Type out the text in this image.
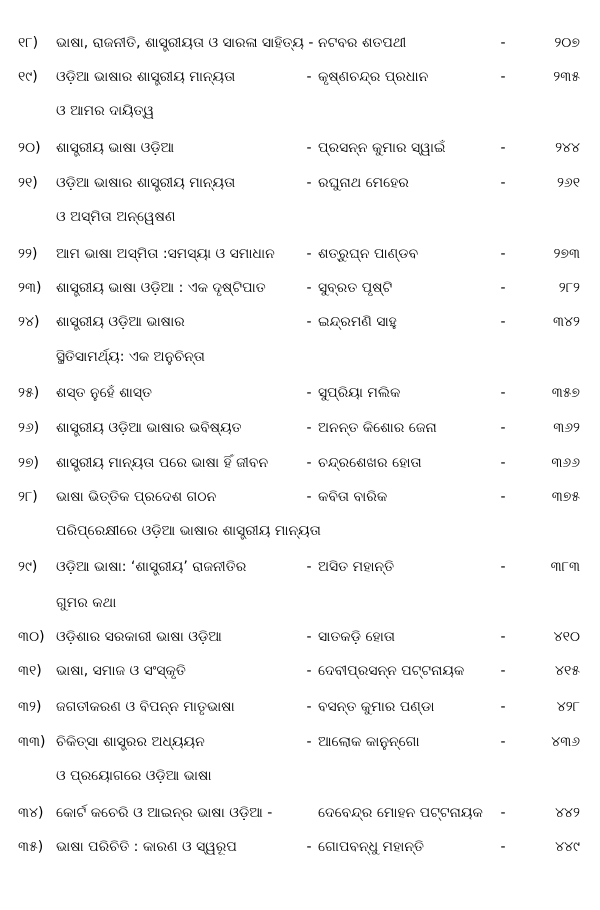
୧୮)	ଭାଷା, ରାଜନୀତି, ଶାସ୍ତ୍ରୀୟତା ଓ ସାରଳା ସାହିତ୍ୟ - ନଟବର ଶତପଥୀ	-	୨୦୭
୧୯)	ଓଡ଼ିଆ ଭାଷାର ଶାସ୍ତ୍ରୀୟ ମାନ୍ୟତା	- କୃଷ୍ଣଚନ୍ଦ୍ର ପ୍ରଧାନ	-	୨୩୫
ଓ ଆମର ଦାୟିତ୍ୱ
୨୦)	ଶାସ୍ତ୍ରୀୟ ଭାଷା ଓଡ଼ିଆ	- ପ୍ରସନ୍ନ କୁମାର ସ୍ୱାଇଁ	-	୨୪୪
୨୧)	ଓଡ଼ିଆ ଭାଷାର ଶାସ୍ତ୍ରୀୟ ମାନ୍ୟତା	- ରଘୁନାଥ ମେହେର	-	୨୬୧
ଓ ଅସ୍ମିତା ଅନ୍ୱେଷଣ
୨୨)	ଆମ ଭାଷା ଅସ୍ମିତା :ସମସ୍ୟା ଓ ସମାଧାନ	- ଶତ୍ରୁଘ୍ନ ପାଣ୍ଡବ	-	୨୭୩
୨୩)	ଶାସ୍ତ୍ରୀୟ ଭାଷା ଓଡ଼ିଆ : ଏକ ଦୃଷ୍ଟିପାତ	- ସୁବ୍ରତ ପୃଷ୍ଟି	-	୨୮୨
୨୪)	ଶାସ୍ତ୍ରୀୟ ଓଡ଼ିଆ ଭାଷାର	- ଇନ୍ଦ୍ରମଣି ସାହୁ	-	୩୪୨
ସ୍ଥିତିସାମର୍ଥ୍ୟ: ଏକ ଅନୁଚିନ୍ତା
୨୫)	ଶସ୍ତ ନୁହେଁ ଶାସ୍ତ	- ସୁପ୍ରିୟା ମଲିକ	-	୩୫୭
୨୬)	ଶାସ୍ତ୍ରୀୟ ଓଡ଼ିଆ ଭାଷାର ଭବିଷ୍ୟତ	- ଅନନ୍ତ କିଶୋର ଜେନା	-	୩୬୨
୨୭)	ଶାସ୍ତ୍ରୀୟ ମାନ୍ୟତା ପରେ ଭାଷା ହିଁ ଜୀବନ	- ଚନ୍ଦ୍ରଶେଖର ହୋତା	-	୩୬୬
୨୮)	ଭାଷା ଭିତ୍ତିକ ପ୍ରଦେଶ ଗଠନ	- କବିତା ବାରିକ	-	୩୭୫
ପରିପ୍ରେକ୍ଷୀରେ ଓଡ଼ିଆ ଭାଷାର ଶାସ୍ତ୍ରୀୟ ମାନ୍ୟତା
୨୯)	ଓଡ଼ିଆ ଭାଷା: ‘ଶାସ୍ତ୍ରୀୟ’ ରାଜନୀତିର	- ଅସିତ ମହାନ୍ତି	-	୩୮୩
ଗୁମର କଥା
୩୦) ଓଡ଼ିଶାର ସରକାରୀ ଭାଷା ଓଡ଼ିଆ	- ସାତକଡ଼ି ହୋତା	-	୪୧୦
୩୧)	ଭାଷା, ସମାଜ ଓ ସଂସ୍କୃତି	- ଦେବୀପ୍ରସନ୍ନ ପଟ୍ଟନାୟକ	-	୪୧୫
୩୨)	ଜଗତୀକରଣ ଓ ବିପନ୍ନ ମାତୃଭାଷା	- ବସନ୍ତ କୁମାର ପଣ୍ଡା	-	୪୨୮
୩୩) ଚିକିତ୍ସା ଶାସ୍ତ୍ରର ଅଧ୍ୟୟନ	- ଆଲୋକ କାନୁନ୍‌ଗୋ	-	୪୩୬
ଓ ପ୍ରୟୋଗରେ ଓଡ଼ିଆ ଭାଷା
୩୪) କୋର୍ଟ କଚେରି ଓ ଆଇନ୍‌ର ଭାଷା ଓଡ଼ିଆ -	ଦେବେନ୍ଦ୍ର ମୋହନ ପଟ୍ଟନାୟକ	-	୪୪୨
୩୫) ଭାଷା ପରିଚିତି : କାରଣ ଓ ସ୍ୱରୂପ	- ଗୋପବନ୍ଧୁ ମହାନ୍ତି	-	୪୪୯
